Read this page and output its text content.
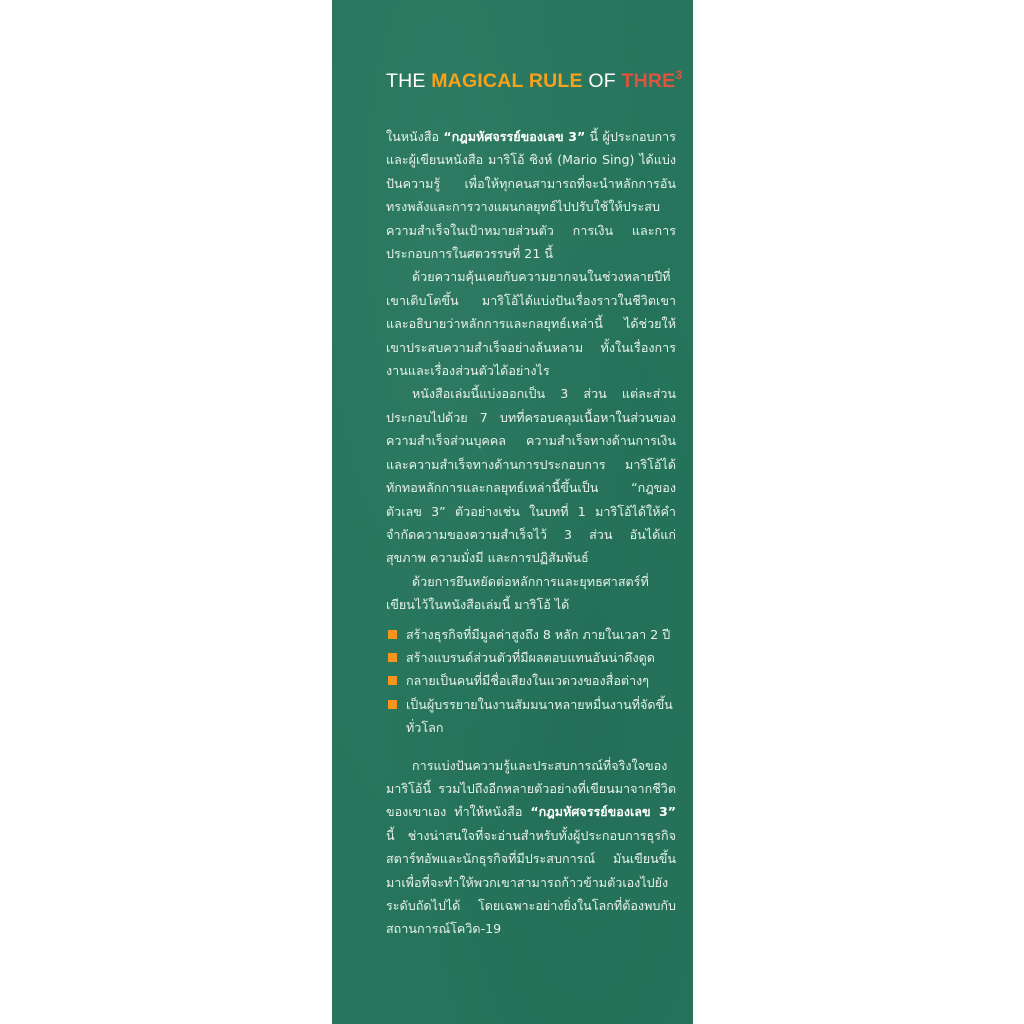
THE MAGICAL RULE OF THRE$^3$

ในหนังสือ “กฎมหัศจรรย์ของเลข 3” นี้ ผู้ประกอบการและผู้เขียนหนังสือ มาริโอ้ ซิงห์ (Mario Sing) ได้แบ่งปันความรู้ เพื่อให้ทุกคนสามารถที่จะนำหลักการอันทรงพลังและการวางแผนกลยุทธ์ไปปรับใช้ให้ประสบความสำเร็จในเป้าหมายส่วนตัว การเงิน และการประกอบการในศตวรรษที่ 21 นี้

ด้วยความคุ้นเคยกับความยากจนในช่วงหลายปีที่เขาเติบโตขึ้น มาริโอ้ได้แบ่งปันเรื่องราวในชีวิตเขา และอธิบายว่าหลักการและกลยุทธ์เหล่านี้ ได้ช่วยให้เขาประสบความสำเร็จอย่างล้นหลาม ทั้งในเรื่องการงานและเรื่องส่วนตัวได้อย่างไร

หนังสือเล่มนี้แบ่งออกเป็น 3 ส่วน แต่ละส่วนประกอบไปด้วย 7 บทที่ครอบคลุมเนื้อหาในส่วนของความสำเร็จส่วนบุคคล ความสำเร็จทางด้านการเงิน และความสำเร็จทางด้านการประกอบการ มาริโอ้ได้ทักทอหลักการและกลยุทธ์เหล่านี้ขึ้นเป็น “กฎของตัวเลข 3” ตัวอย่างเช่น ในบทที่ 1 มาริโอ้ได้ให้คำจำกัดความของความสำเร็จไว้ 3 ส่วน อันได้แก่ สุขภาพ ความมั่งมี และการปฏิสัมพันธ์

ด้วยการยึนหยัดต่อหลักการและยุทธศาสตร์ที่เขียนไว้ในหนังสือเล่มนี้ มาริโอ้ ได้

สร้างธุรกิจที่มีมูลค่าสูงถึง 8 หลัก ภายในเวลา 2 ปี
สร้างแบรนด์ส่วนตัวที่มีผลตอบแทนอันน่าดึงดูด
กลายเป็นคนที่มีชื่อเสียงในแวดวงของสื่อต่างๆ
เป็นผู้บรรยายในงานสัมมนาหลายหมื่นงานที่จัดขึ้นทั่วโลก

การแบ่งปันความรู้และประสบการณ์ที่จริงใจของมาริโอ้นี้ รวมไปถึงอีกหลายตัวอย่างที่เขียนมาจากชีวิตของเขาเอง ทำให้หนังสือ “กฎมหัศจรรย์ของเลข 3” นี้ ช่างน่าสนใจที่จะอ่านสำหรับทั้งผู้ประกอบการธุรกิจสตาร์ทอัพและนักธุรกิจที่มีประสบการณ์ มันเขียนขึ้นมาเพื่อที่จะทำให้พวกเขาสามารถก้าวข้ามตัวเองไปยังระดับถัดไปได้ โดยเฉพาะอย่างยิ่งในโลกที่ต้องพบกับสถานการณ์โควิด-19
